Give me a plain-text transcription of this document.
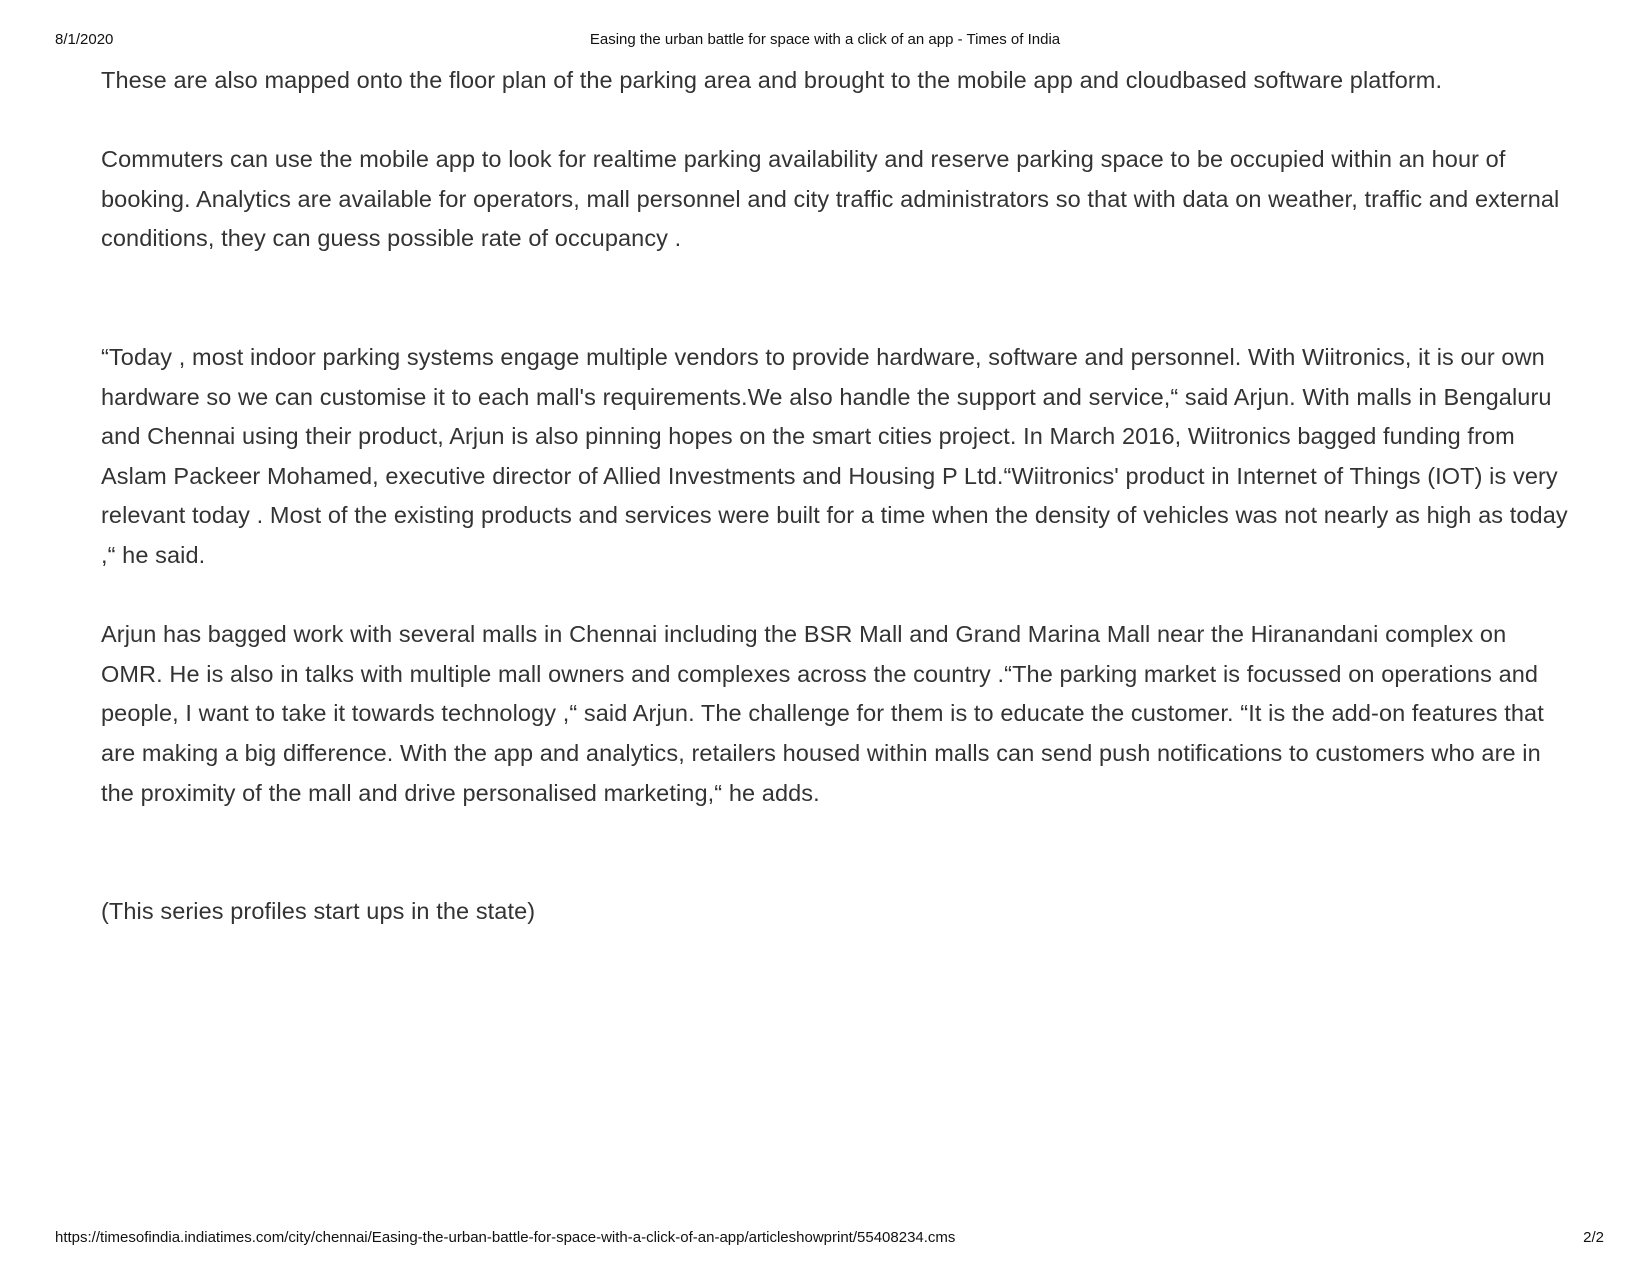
8/1/2020	Easing the urban battle for space with a click of an app - Times of India

These are also mapped onto the floor plan of the parking area and brought to the mobile app and cloudbased software platform.

Commuters can use the mobile app to look for realtime parking availability and reserve parking space to be occupied within an hour of booking. Analytics are available for operators, mall personnel and city traffic administrators so that with data on weather, traffic and external conditions, they can guess possible rate of occupancy .

“Today , most indoor parking systems engage multiple vendors to provide hardware, software and personnel. With Wiitronics, it is our own hardware so we can customise it to each mall's requirements.We also handle the support and service,“ said Arjun. With malls in Bengaluru and Chennai using their product, Arjun is also pinning hopes on the smart cities project. In March 2016, Wiitronics bagged funding from Aslam Packeer Mohamed, executive director of Allied Investments and Housing P Ltd.“Wiitronics' product in Internet of Things (IOT) is very relevant today . Most of the existing products and services were built for a time when the density of vehicles was not nearly as high as today ,“ he said.

Arjun has bagged work with several malls in Chennai including the BSR Mall and Grand Marina Mall near the Hiranandani complex on OMR. He is also in talks with multiple mall owners and complexes across the country .“The parking market is focussed on operations and people, I want to take it towards technology ,“ said Arjun. The challenge for them is to educate the customer. “It is the add-on features that are making a big difference. With the app and analytics, retailers housed within malls can send push notifications to customers who are in the proximity of the mall and drive personalised marketing,“ he adds.

(This series profiles start ups in the state)

https://timesofindia.indiatimes.com/city/chennai/Easing-the-urban-battle-for-space-with-a-click-of-an-app/articleshowprint/55408234.cms	2/2
